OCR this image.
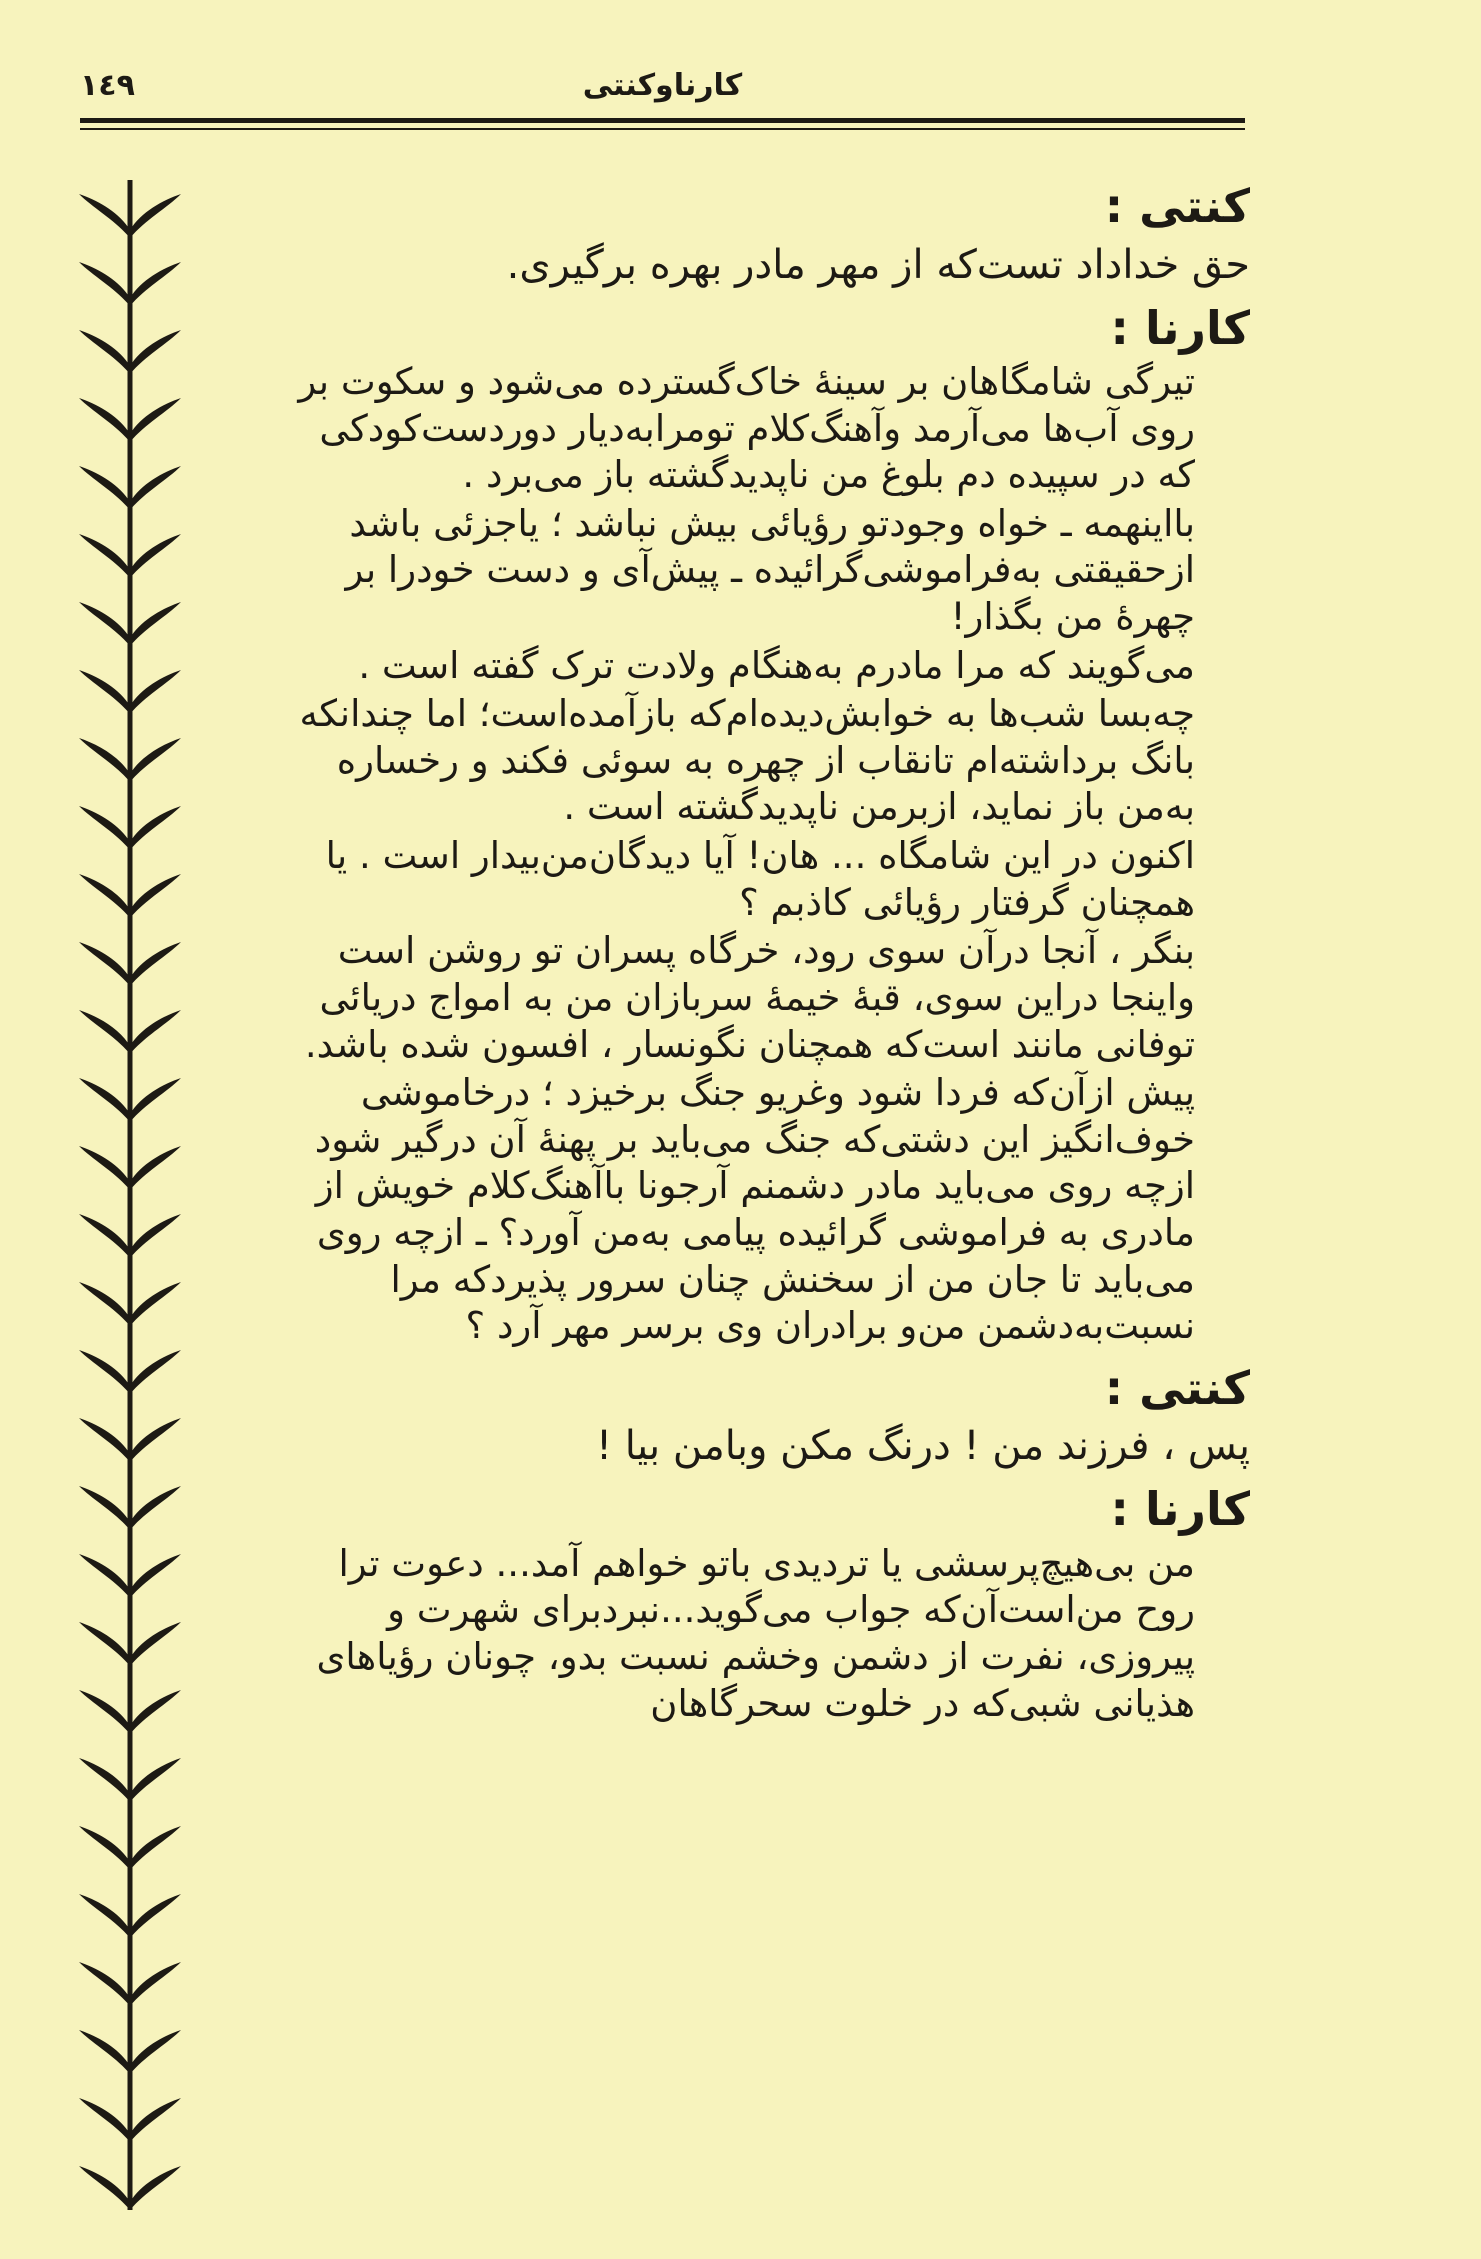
١٤٩	کارناوکنتی
کنتی :
حق خداداد تست‌که از مهر مادر بهره برگیری.
کارنا :

تیرگی شامگاهان بر سینهٔ خاک‌گسترده می‌شود و سکوت بر روی آب‌ها می‌آرمد وآهنگ‌کلام تومرابه‌دیار دوردست‌کودکی که در سپیده دم بلوغ من ناپدیدگشته باز می‌برد .

بااینهمه ـ خواه وجودتو رؤیائی بیش نباشد ؛ یاجزئی باشد ازحقیقتی به‌فراموشی‌گرائیده ـ پیش‌آی و دست خودرا بر چهرهٔ من بگذار!

می‌گویند که مرا مادرم به‌هنگام ولادت ترک گفته است .

چه‌بسا شب‌ها به خوابش‌دیده‌ام‌که بازآمده‌است؛ اما چندانکه بانگ برداشته‌ام تانقاب از چهره به سوئی فکند و رخساره به‌من باز نماید، ازبرمن ناپدیدگشته است .

اکنون در این شامگاه ... هان! آیا دیدگان‌من‌بیدار است . یا همچنان گرفتار رؤیائی کاذبم ؟

بنگر ، آنجا درآن سوی رود، خرگاه پسران تو روشن است واینجا دراین سوی، قبهٔ خیمهٔ سربازان من به امواج دریائی توفانی مانند است‌که همچنان نگونسار ، افسون شده باشد.

پیش ازآن‌که فردا شود وغریو جنگ برخیزد ؛ درخاموشی خوف‌انگیز این دشتی‌که جنگ می‌باید بر پهنهٔ آن درگیر شود ازچه روی می‌باید مادر دشمنم آرجونا باآهنگ‌کلام خویش از مادری به فراموشی گرائیده پیامی به‌من آورد؟ ـ ازچه روی می‌باید تا جان من از سخنش چنان سرور پذیردکه مرا نسبت‌به‌دشمن من‌و برادران وی برسر مهر آرد ؟

کنتی :
پس ، فرزند من ! درنگ مکن وبامن بیا !
کارنا :

من بی‌هیچ‌پرسشی یا تردیدی باتو خواهم آمد... دعوت ترا روح من‌است‌آن‌که جواب می‌گوید...نبردبرای شهرت و پیروزی، نفرت از دشمن وخشم نسبت بدو، چونان رؤیاهای هذیانی شبی‌که در خلوت سحرگاهان
